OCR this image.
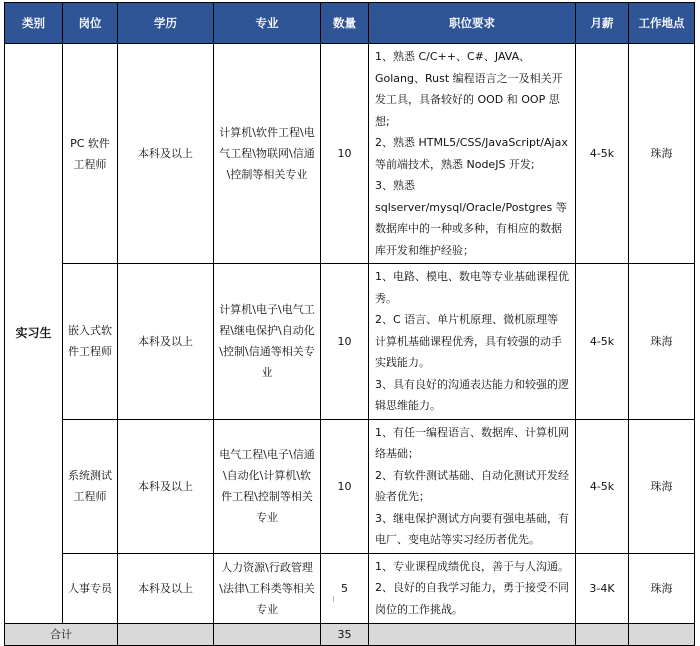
类别	岗位	学历	专业	数量	职位要求	月薪	工作地点
实习生	PC 软件工程师	本科及以上	计算机\软件工程\电气工程\物联网\信通\控制等相关专业	10	1、熟悉 C/C++、C#、JAVA、Golang、Rust 编程语言之一及相关开发工具，具备较好的 OOD 和 OOP 思想;
2、熟悉 HTML5/CSS/JavaScript/Ajax 等前端技术，熟悉 NodeJS 开发;
3、熟悉 sqlserver/mysql/Oracle/Postgres 等数据库中的一种或多种，有相应的数据库开发和维护经验；	4-5k	珠海
	嵌入式软件工程师	本科及以上	计算机\电子\电气工程\继电保护\自动化\控制\信通等相关专业	10	1、电路、模电、数电等专业基础课程优秀。
2、C 语言、单片机原理、微机原理等计算机基础课程优秀，具有较强的动手实践能力。
3、具有良好的沟通表达能力和较强的逻辑思维能力。	4-5k	珠海
	系统测试工程师	本科及以上	电气工程\电子\信通\自动化\计算机\软件工程\控制等相关专业	10	1、有任一编程语言、数据库、计算机网络基础；
2、有软件测试基础、自动化测试开发经验者优先；
3、继电保护测试方向要有强电基础，有电厂、变电站等实习经历者优先。	4-5k	珠海
	人事专员	本科及以上	人力资源\行政管理\法律\工科类等相关专业	5	1、专业课程成绩优良，善于与人沟通。
2、良好的自我学习能力，勇于接受不同岗位的工作挑战。	3-4K	珠海
合计				35			
